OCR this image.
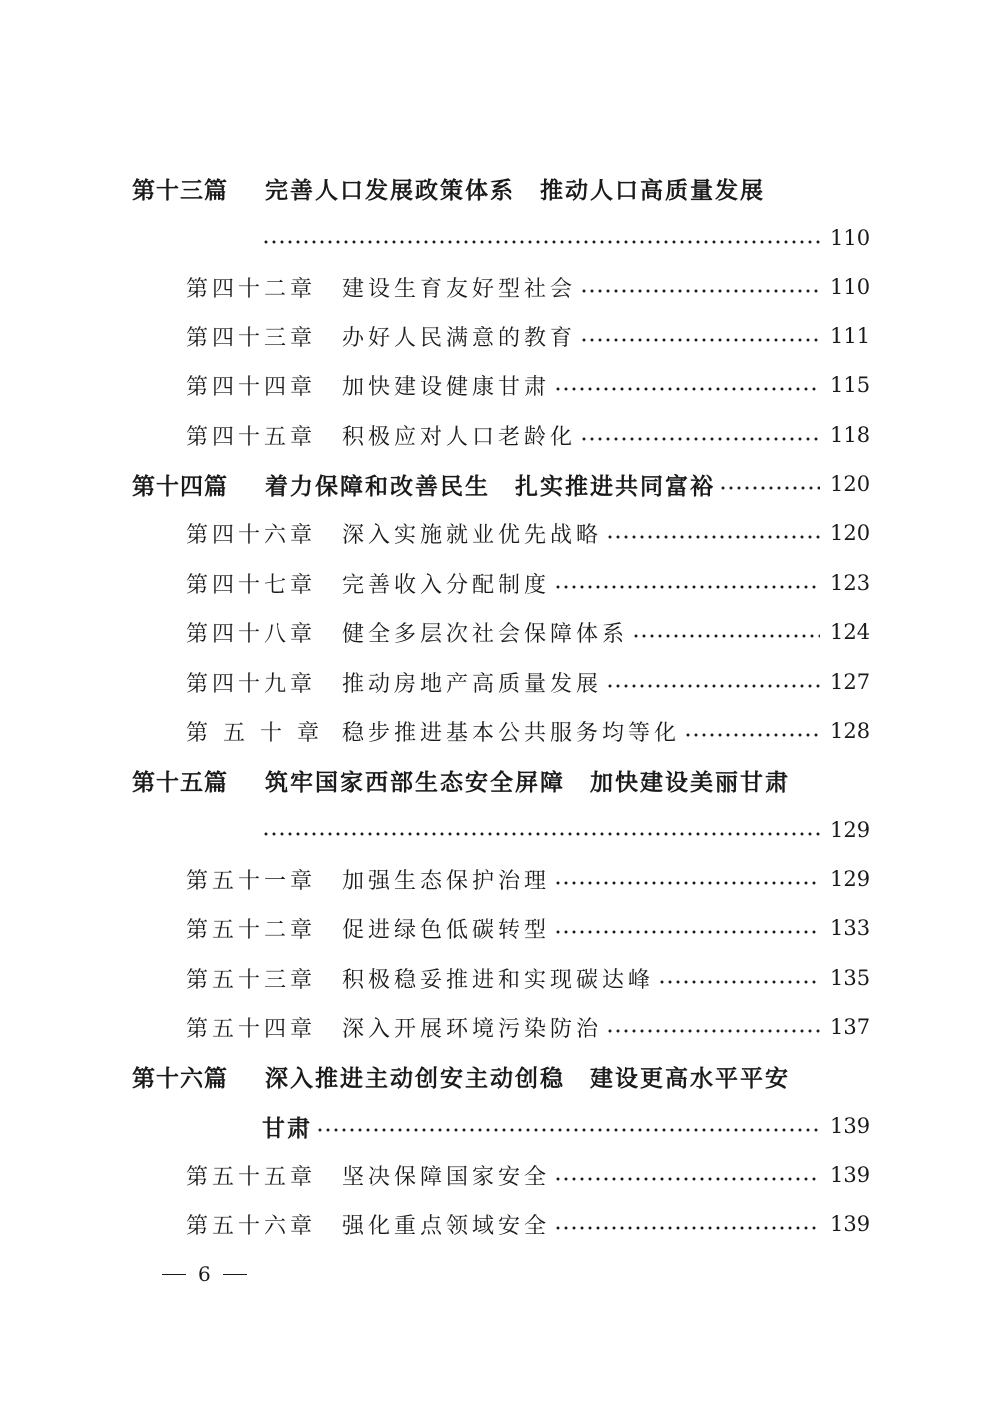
第十三篇	完善人口发展政策体系　推动人口高质量发展
110
第四十二章	建设生育友好型社会	110
第四十三章	办好人民满意的教育	111
第四十四章	加快建设健康甘肃	115
第四十五章	积极应对人口老龄化	118
第十四篇	着力保障和改善民生　扎实推进共同富裕	120
第四十六章	深入实施就业优先战略	120
第四十七章	完善收入分配制度	123
第四十八章	健全多层次社会保障体系	124
第四十九章	推动房地产高质量发展	127
第 五 十 章 稳步推进基本公共服务均等化	128
第十五篇	筑牢国家西部生态安全屏障　加快建设美丽甘肃
129
第五十一章	加强生态保护治理	129
第五十二章	促进绿色低碳转型	133
第五十三章	积极稳妥推进和实现碳达峰	135
第五十四章	深入开展环境污染防治	137
第十六篇	深入推进主动创安主动创稳　建设更高水平平安
甘肃	139
第五十五章	坚决保障国家安全	139
第五十六章	强化重点领域安全	139
6
